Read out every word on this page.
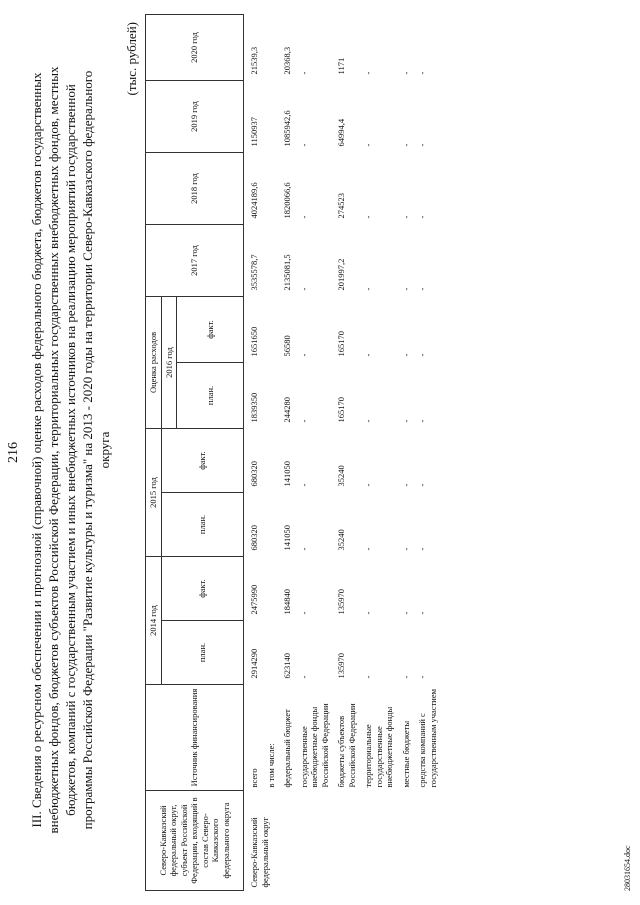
216 III. Сведения о ресурсном обеспечении и прогнозной (справочной) оценке расходов федерального бюджета, бюджетов государственных внебюджетных фондов, бюджетов субъектов Российской Федерации, территориальных государственных внебюджетных фондов, местных бюджетов, компаний с государственным участием и иных внебюджетных источников на реализацию мероприятий государственной программы Российской Федерации "Развитие культуры и туризма" на 2013 - 2020 годы на территории Северо-Кавказского федерального округа
(тыс. рублей)
Северо-Кавказский федеральный округ, субъект Российской Федерации, входящий в состав Северо-Кавказского федерального округа	Источник финансирования	2014 год		2015 год		Оценка расходов		2017 год	2018 год	2019 год	2020 год
		план.	факт.	план.	факт.	2016 год					
						план.	факт.				
Северо-Кавказский федеральный округ	всего	2914290	2475990	680320	680320	1839350	1651650	3535578,7	4024189,6	1150937	21539,3
	в том числе:										
	федеральный бюджет	623140	184840	141050	141050	244280	56580	2135081,5	1820066,6	1085942,6	20368,3
	государственные внебюджетные фонды Российской Федерации	-	-	-	-	-	-	-	-	-	-
	бюджеты субъектов Российской Федерации	135970	135970	35240	35240	165170	165170	201997,2	274523	64994,4	1171
	территориальные государственные внебюджетные фонды	-	-	-	-	-	-	-	-	-	-
	местные бюджеты	-	-	-	-	-	-	-	-	-	-
	средства компаний с государственным участием	-	-	-	-	-	-	-	-	-	-
28031654.doc
